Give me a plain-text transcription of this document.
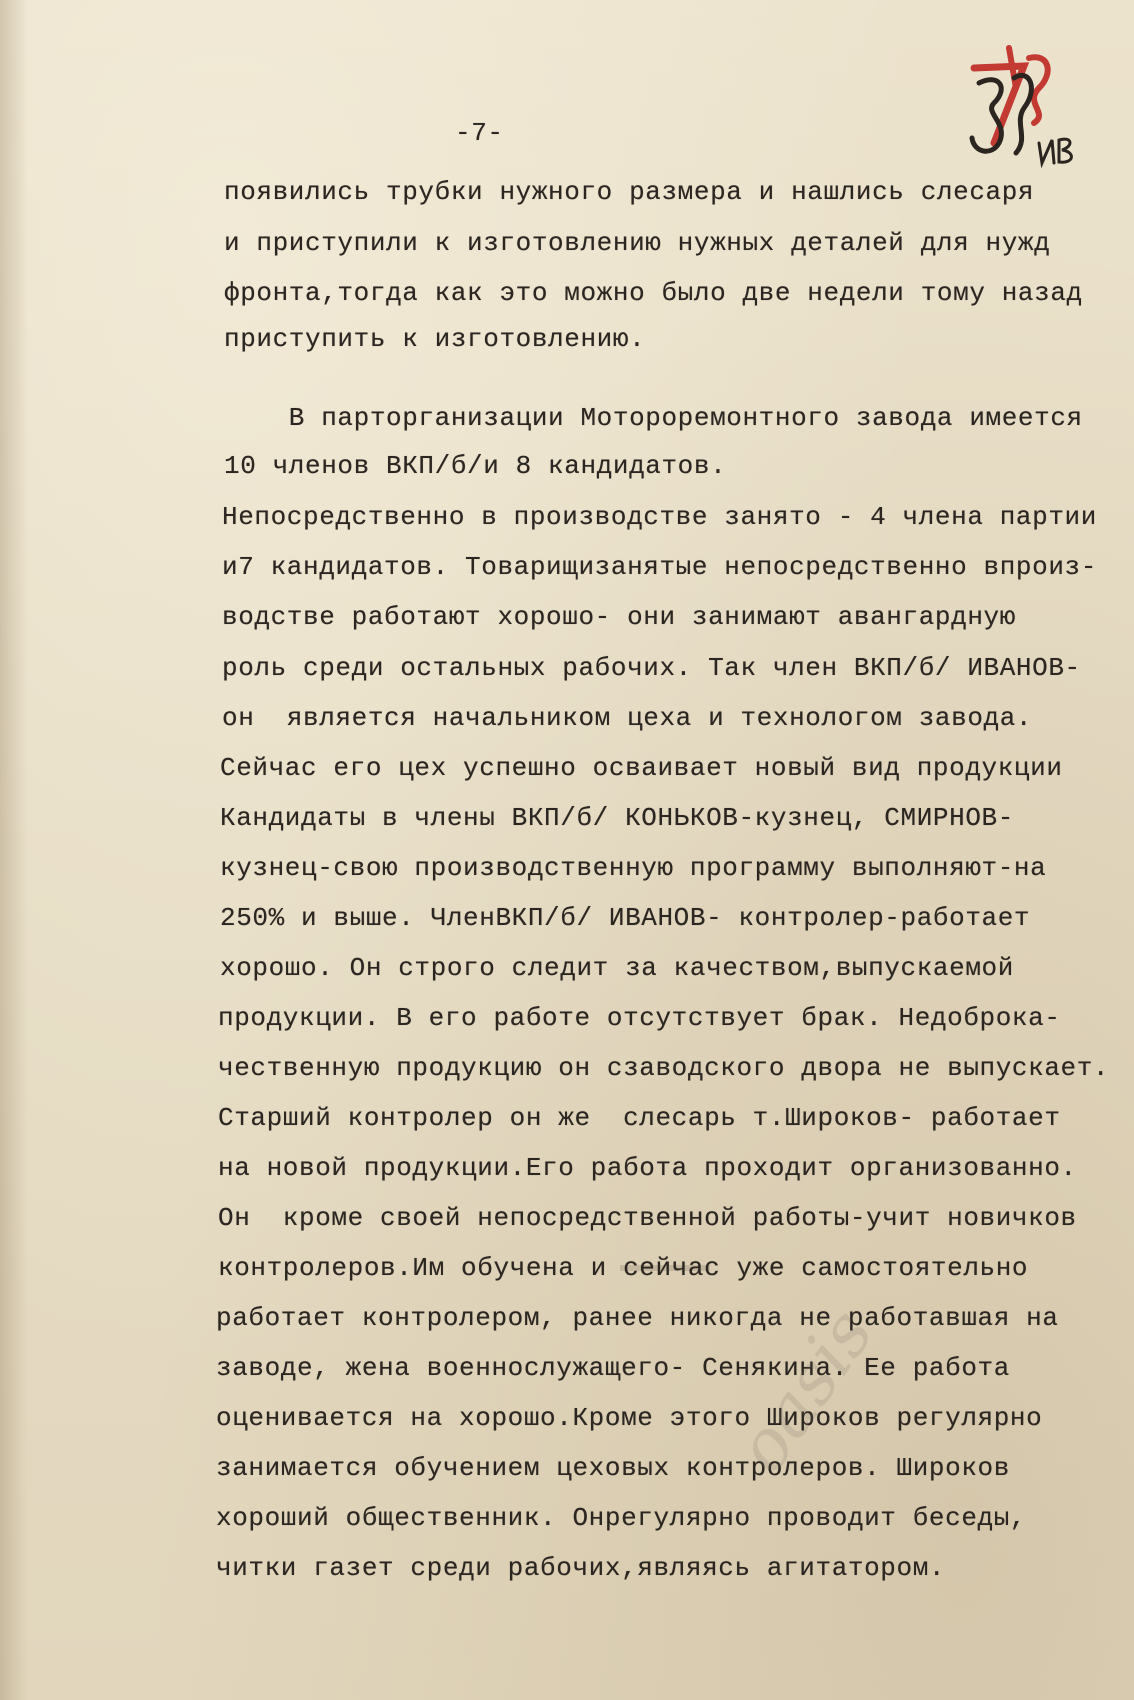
-7-
появились трубки нужного размера и нашлись слесаря
и приступили к изготовлению нужных деталей для нужд
фронта,тогда как это можно было две недели тому назад
приступить к изготовлению.
В парторганизации Мотороремонтного завода имеется
10 членов ВКП/б/и 8 кандидатов.
Непосредственно в производстве занято - 4 члена партии
и7 кандидатов. Товарищизанятые непосредственно впроиз-
водстве работают хорошо- они занимают авангардную
роль среди остальных рабочих. Так член ВКП/б/ ИВАНОВ-
он  является начальником цеха и технологом завода.
Сейчас его цех успешно осваивает новый вид продукции
Кандидаты в члены ВКП/б/ КОНЬКОВ-кузнец, СМИРНОВ-
кузнец-свою производственную программу выполняют-на
250% и выше. ЧленВКП/б/ ИВАНОВ- контролер-работает
хорошо. Он строго следит за качеством,выпускаемой
продукции. В его работе отсутствует брак. Недоброка-
чественную продукцию он сзаводского двора не выпускает.
Старший контролер он же  слесарь т.Широков- работает
на новой продукции.Его работа проходит организованно.
Он  кроме своей непосредственной работы-учит новичков
контролеров.Им обучена и сейчас уже самостоятельно
работает контролером, ранее никогда не работавшая на
заводе, жена военнослужащего- Сенякина. Ее работа
оценивается на хорошо.Кроме этого Широков регулярно
занимается обучением цеховых контролеров. Широков
хороший общественник. Онрегулярно проводит беседы,
читки газет среди рабочих,являясь агитатором.
oasis
